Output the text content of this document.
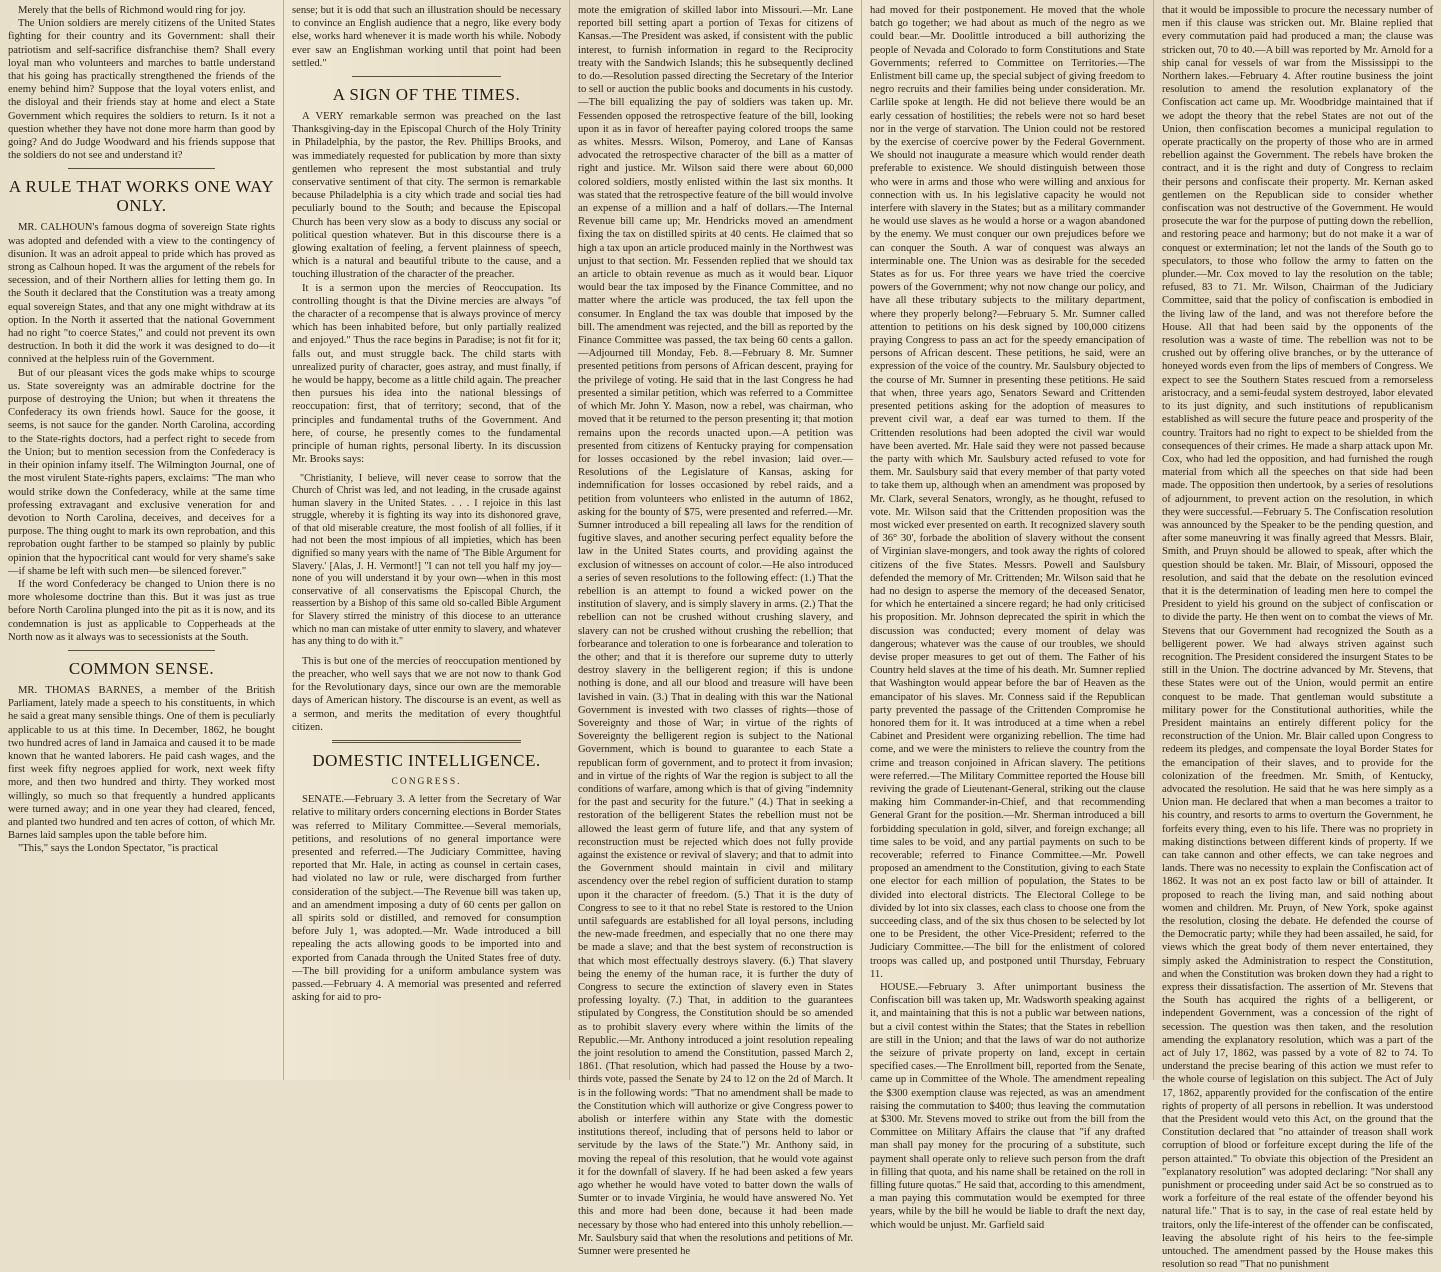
Merely that the bells of Richmond would ring for joy.

The Union soldiers are merely citizens of the United States fighting for their country and its Government: shall their patriotism and self-sacrifice disfranchise them? Shall every loyal man who volunteers and marches to battle understand that his going has practically strengthened the friends of the enemy behind him? Suppose that the loyal voters enlist, and the disloyal and their friends stay at home and elect a State Government which requires the soldiers to return. Is it not a question whether they have not done more harm than good by going? And do Judge Woodward and his friends suppose that the soldiers do not see and understand it?

A RULE THAT WORKS ONE WAY ONLY.

MR. CALHOUN's famous dogma of sovereign State rights was adopted and defended with a view to the contingency of disunion. It was an adroit appeal to pride which has proved as strong as Calhoun hoped. It was the argument of the rebels for secession, and of their Northern allies for letting them go. In the South it declared that the Constitution was a treaty among equal sovereign States, and that any one might withdraw at its option. In the North it asserted that the national Government had no right "to coerce States," and could not prevent its own destruction. In both it did the work it was designed to do—it connived at the helpless ruin of the Government.

But of our pleasant vices the gods make whips to scourge us. State sovereignty was an admirable doctrine for the purpose of destroying the Union; but when it threatens the Confederacy its own friends howl. Sauce for the goose, it seems, is not sauce for the gander. North Carolina, according to the State-rights doctors, had a perfect right to secede from the Union; but to mention secession from the Confederacy is in their opinion infamy itself. The Wilmington Journal, one of the most virulent State-rights papers, exclaims: "The man who would strike down the Confederacy, while at the same time professing extravagant and exclusive veneration for and devotion to North Carolina, deceives, and deceives for a purpose. The thing ought to mark its own reprobation, and this reprobation ought farther to be stamped so plainly by public opinion that the hypocritical cant would for very shame's sake—if shame be left with such men—be silenced forever."

If the word Confederacy be changed to Union there is no more wholesome doctrine than this. But it was just as true before North Carolina plunged into the pit as it is now, and its condemnation is just as applicable to Copperheads at the North now as it always was to secessionists at the South.

COMMON SENSE.

MR. THOMAS BARNES, a member of the British Parliament, lately made a speech to his constituents, in which he said a great many sensible things. One of them is peculiarly applicable to us at this time. In December, 1862, he bought two hundred acres of land in Jamaica and caused it to be made known that he wanted laborers. He paid cash wages, and the first week fifty negroes applied for work, next week fifty more, and then two hundred and thirty. They worked most willingly, so much so that frequently a hundred applicants were turned away; and in one year they had cleared, fenced, and planted two hundred and ten acres of cotton, of which Mr. Barnes laid samples upon the table before him.

"This," says the London Spectator, "is practical

sense; but it is odd that such an illustration should be necessary to convince an English audience that a negro, like every body else, works hard whenever it is made worth his while. Nobody ever saw an Englishman working until that point had been settled."

A SIGN OF THE TIMES.

A VERY remarkable sermon was preached on the last Thanksgiving-day in the Episcopal Church of the Holy Trinity in Philadelphia, by the pastor, the Rev. Phillips Brooks, and was immediately requested for publication by more than sixty gentlemen who represent the most substantial and truly conservative sentiment of that city. The sermon is remarkable because Philadelphia is a city which trade and social ties had peculiarly bound to the South; and because the Episcopal Church has been very slow as a body to discuss any social or political question whatever. But in this discourse there is a glowing exaltation of feeling, a fervent plainness of speech, which is a natural and beautiful tribute to the cause, and a touching illustration of the character of the preacher.

It is a sermon upon the mercies of Reoccupation. Its controlling thought is that the Divine mercies are always "of the character of a recompense that is always province of mercy which has been inhabited before, but only partially realized and enjoyed." Thus the race begins in Paradise; is not fit for it; falls out, and must struggle back. The child starts with unrealized purity of character, goes astray, and must finally, if he would be happy, become as a little child again. The preacher then pursues his idea into the national blessings of reoccupation: first, that of territory; second, that of the principles and fundamental truths of the Government. And here, of course, he presently comes to the fundamental principle of human rights, personal liberty. In its discussion Mr. Brooks says:

"Christianity, I believe, will never cease to sorrow that the Church of Christ was led, and not leading, in the crusade against human slavery in the United States. . . . I rejoice in this last struggle, whereby it is fighting its way into its dishonored grave, of that old miserable creature, the most foolish of all follies, if it had not been the most impious of all impieties, which has been dignified so many years with the name of 'The Bible Argument for Slavery.' [Alas, J. H. Vermont!] "I can not tell you half my joy—none of you will understand it by your own—when in this most conservative of all conservatisms the Episcopal Church, the reassertion by a Bishop of this same old so-called Bible Argument for Slavery stirred the ministry of this diocese to an utterance which no man can mistake of utter enmity to slavery, and whatever has any thing to do with it."

This is but one of the mercies of reoccupation mentioned by the preacher, who well says that we are not now to thank God for the Revolutionary days, since our own are the memorable days of American history. The discourse is an event, as well as a sermon, and merits the meditation of every thoughtful citizen.

DOMESTIC INTELLIGENCE.
CONGRESS.

SENATE.—February 3. A letter from the Secretary of War relative to military orders concerning elections in Border States was referred to Military Committee.—Several memorials, petitions, and resolutions of no general importance were presented and referred.—The Judiciary Committee, having reported that Mr. Hale, in acting as counsel in certain cases, had violated no law or rule, were discharged from further consideration of the subject.—The Revenue bill was taken up, and an amendment imposing a duty of 60 cents per gallon on all spirits sold or distilled, and removed for consumption before July 1, was adopted.—Mr. Wade introduced a bill repealing the acts allowing goods to be imported into and exported from Canada through the United States free of duty.—The bill providing for a uniform ambulance system was passed.—February 4. A memorial was presented and referred asking for aid to pro-

mote the emigration of skilled labor into Missouri.—Mr. Lane reported bill setting apart a portion of Texas for citizens of Kansas.—The President was asked, if consistent with the public interest, to furnish information in regard to the Reciprocity treaty with the Sandwich Islands; this he subsequently declined to do.—Resolution passed directing the Secretary of the Interior to sell or auction the public books and documents in his custody.—The bill equalizing the pay of soldiers was taken up. Mr. Fessenden opposed the retrospective feature of the bill, looking upon it as in favor of hereafter paying colored troops the same as whites. Messrs. Wilson, Pomeroy, and Lane of Kansas advocated the retrospective character of the bill as a matter of right and justice. Mr. Wilson said there were about 60,000 colored soldiers, mostly enlisted within the last six months. It was stated that the retrospective feature of the bill would involve an expense of a million and a half of dollars.—The Internal Revenue bill came up; Mr. Hendricks moved an amendment fixing the tax on distilled spirits at 40 cents. He claimed that so high a tax upon an article produced mainly in the Northwest was unjust to that section. Mr. Fessenden replied that we should tax an article to obtain revenue as much as it would bear. Liquor would bear the tax imposed by the Finance Committee, and no matter where the article was produced, the tax fell upon the consumer. In England the tax was double that imposed by the bill. The amendment was rejected, and the bill as reported by the Finance Committee was passed, the tax being 60 cents a gallon.—Adjourned till Monday, Feb. 8.—February 8. Mr. Sumner presented petitions from persons of African descent, praying for the privilege of voting. He said that in the last Congress he had presented a similar petition, which was referred to a Committee of which Mr. John Y. Mason, now a rebel, was chairman, who moved that it be returned to the person presenting it; that motion remains upon the records unacted upon.—A petition was presented from citizens of Kentucky praying for compensation for losses occasioned by the rebel invasion; laid over.—Resolutions of the Legislature of Kansas, asking for indemnification for losses occasioned by rebel raids, and a petition from volunteers who enlisted in the autumn of 1862, asking for the bounty of $75, were presented and referred.—Mr. Sumner introduced a bill repealing all laws for the rendition of fugitive slaves, and another securing perfect equality before the law in the United States courts, and providing against the exclusion of witnesses on account of color.—He also introduced a series of seven resolutions to the following effect: (1.) That the rebellion is an attempt to found a wicked power on the institution of slavery, and is simply slavery in arms. (2.) That the rebellion can not be crushed without crushing slavery, and slavery can not be crushed without crushing the rebellion; that forbearance and toleration to one is forbearance and toleration to the other; and that it is therefore our supreme duty to utterly destroy slavery in the belligerent region; if this is undone nothing is done, and all our blood and treasure will have been lavished in vain. (3.) That in dealing with this war the National Government is invested with two classes of rights—those of Sovereignty and those of War; in virtue of the rights of Sovereignty the belligerent region is subject to the National Government, which is bound to guarantee to each State a republican form of government, and to protect it from invasion; and in virtue of the rights of War the region is subject to all the conditions of warfare, among which is that of giving "indemnity for the past and security for the future." (4.) That in seeking a restoration of the belligerent States the rebellion must not be allowed the least germ of future life, and that any system of reconstruction must be rejected which does not fully provide against the existence or revival of slavery; and that to admit into the Government should maintain in civil and military ascendency over the rebel region of sufficient duration to stamp upon it the character of freedom. (5.) That it is the duty of Congress to see to it that no rebel State is restored to the Union until safeguards are established for all loyal persons, including the new-made freedmen, and especially that no one there may be made a slave; and that the best system of reconstruction is that which most effectually destroys slavery. (6.) That slavery being the enemy of the human race, it is further the duty of Congress to secure the extinction of slavery even in States professing loyalty. (7.) That, in addition to the guarantees stipulated by Congress, the Constitution should be so amended as to prohibit slavery every where within the limits of the Republic.—Mr. Anthony introduced a joint resolution repealing the joint resolution to amend the Constitution, passed March 2, 1861. (That resolution, which had passed the House by a two-thirds vote, passed the Senate by 24 to 12 on the 2d of March. It is in the following words: "That no amendment shall be made to the Constitution which will authorize or give Congress power to abolish or interfere within any State with the domestic institutions thereof, including that of persons held to labor or servitude by the laws of the State.") Mr. Anthony said, in moving the repeal of this resolution, that he would vote against it for the downfall of slavery. If he had been asked a few years ago whether he would have voted to batter down the walls of Sumter or to invade Virginia, he would have answered No. Yet this and more had been done, because it had been made necessary by those who had entered into this unholy rebellion.—Mr. Saulsbury said that when the resolutions and petitions of Mr. Sumner were presented he

had moved for their postponement. He moved that the whole batch go together; we had about as much of the negro as we could bear.—Mr. Doolittle introduced a bill authorizing the people of Nevada and Colorado to form Constitutions and State Governments; referred to Committee on Territories.—The Enlistment bill came up, the special subject of giving freedom to negro recruits and their families being under consideration. Mr. Carlile spoke at length. He did not believe there would be an early cessation of hostilities; the rebels were not so hard beset nor in the verge of starvation. The Union could not be restored by the exercise of coercive power by the Federal Government. We should not inaugurate a measure which would render death preferable to existence. We should distinguish between those who were in arms and those who were willing and anxious for connection with us. In his legislative capacity he would not interfere with slavery in the States; but as a military commander he would use slaves as he would a horse or a wagon abandoned by the enemy. We must conquer our own prejudices before we can conquer the South. A war of conquest was always an interminable one. The Union was as desirable for the seceded States as for us. For three years we have tried the coercive powers of the Government; why not now change our policy, and have all these tributary subjects to the military department, where they properly belong?—February 5. Mr. Sumner called attention to petitions on his desk signed by 100,000 citizens praying Congress to pass an act for the speedy emancipation of persons of African descent. These petitions, he said, were an expression of the voice of the country. Mr. Saulsbury objected to the course of Mr. Sumner in presenting these petitions. He said that when, three years ago, Senators Seward and Crittenden presented petitions asking for the adoption of measures to prevent civil war, a deaf ear was turned to them. If the Crittenden resolutions had been adopted the civil war would have been averted. Mr. Hale said they were not passed because the party with which Mr. Saulsbury acted refused to vote for them. Mr. Saulsbury said that every member of that party voted to take them up, although when an amendment was proposed by Mr. Clark, several Senators, wrongly, as he thought, refused to vote. Mr. Wilson said that the Crittenden proposition was the most wicked ever presented on earth. It recognized slavery south of 36° 30', forbade the abolition of slavery without the consent of Virginian slave-mongers, and took away the rights of colored citizens of the five States. Messrs. Powell and Saulsbury defended the memory of Mr. Crittenden; Mr. Wilson said that he had no design to asperse the memory of the deceased Senator, for which he entertained a sincere regard; he had only criticised his proposition. Mr. Johnson deprecated the spirit in which the discussion was conducted; every moment of delay was dangerous; whatever was the cause of our troubles, we should devise proper measures to get out of them. The Father of his Country held slaves at the time of his death. Mr. Sumner replied that Washington would appear before the bar of Heaven as the emancipator of his slaves. Mr. Conness said if the Republican party prevented the passage of the Crittenden Compromise he honored them for it. It was introduced at a time when a rebel Cabinet and President were organizing rebellion. The time had come, and we were the ministers to relieve the country from the crime and treason conjoined in African slavery. The petitions were referred.—The Military Committee reported the House bill reviving the grade of Lieutenant-General, striking out the clause making him Commander-in-Chief, and that recommending General Grant for the position.—Mr. Sherman introduced a bill forbidding speculation in gold, silver, and foreign exchange; all time sales to be void, and any partial payments on such to be recoverable; referred to Finance Committee.—Mr. Powell proposed an amendment to the Constitution, giving to each State one elector for each million of population, the States to be divided into electoral districts. The Electoral College to be divided by lot into six classes, each class to choose one from the succeeding class, and of the six thus chosen to be selected by lot one to be President, the other Vice-President; referred to the Judiciary Committee.—The bill for the enlistment of colored troops was called up, and postponed until Thursday, February 11.

HOUSE.—February 3. After unimportant business the Confiscation bill was taken up, Mr. Wadsworth speaking against it, and maintaining that this is not a public war between nations, but a civil contest within the States; that the States in rebellion are still in the Union; and that the laws of war do not authorize the seizure of private property on land, except in certain specified cases.—The Enrollment bill, reported from the Senate, came up in Committee of the Whole. The amendment repealing the $300 exemption clause was rejected, as was an amendment raising the commutation to $400; thus leaving the commutation at $300. Mr. Stevens moved to strike out from the bill from the Committee on Military Affairs the clause that "if any drafted man shall pay money for the procuring of a substitute, such payment shall operate only to relieve such person from the draft in filling that quota, and his name shall be retained on the roll in filling future quotas." He said that, according to this amendment, a man paying this commutation would be exempted for three years, while by the bill he would be liable to draft the next day, which would be unjust. Mr. Garfield said

that it would be impossible to procure the necessary number of men if this clause was stricken out. Mr. Blaine replied that every commutation paid had produced a man; the clause was stricken out, 70 to 40.—A bill was reported by Mr. Arnold for a ship canal for vessels of war from the Mississippi to the Northern lakes.—February 4. After routine business the joint resolution to amend the resolution explanatory of the Confiscation act came up. Mr. Woodbridge maintained that if we adopt the theory that the rebel States are not out of the Union, then confiscation becomes a municipal regulation to operate practically on the property of those who are in armed rebellion against the Government. The rebels have broken the contract, and it is the right and duty of Congress to reclaim their persons and confiscate their property. Mr. Kernan asked gentlemen on the Republican side to consider whether confiscation was not destructive of the Government. He would prosecute the war for the purpose of putting down the rebellion, and restoring peace and harmony; but do not make it a war of conquest or extermination; let not the lands of the South go to speculators, to those who follow the army to fatten on the plunder.—Mr. Cox moved to lay the resolution on the table; refused, 83 to 71. Mr. Wilson, Chairman of the Judiciary Committee, said that the policy of confiscation is embodied in the living law of the land, and was not therefore before the House. All that had been said by the opponents of the resolution was a waste of time. The rebellion was not to be crushed out by offering olive branches, or by the utterance of honeyed words even from the lips of members of Congress. We expect to see the Southern States rescued from a remorseless aristocracy, and a semi-feudal system destroyed, labor elevated to its just dignity, and such institutions of republicanism established as will secure the future peace and prosperity of the country. Traitors had no right to expect to be shielded from the consequences of their crimes. He made a sharp attack upon Mr. Cox, who had led the opposition, and had furnished the rough material from which all the speeches on that side had been made. The opposition then undertook, by a series of resolutions of adjournment, to prevent action on the resolution, in which they were successful.—February 5. The Confiscation resolution was announced by the Speaker to be the pending question, and after some maneuvring it was finally agreed that Messrs. Blair, Smith, and Pruyn should be allowed to speak, after which the question should be taken. Mr. Blair, of Missouri, opposed the resolution, and said that the debate on the resolution evinced that it is the determination of leading men here to compel the President to yield his ground on the subject of confiscation or to divide the party. He then went on to combat the views of Mr. Stevens that our Government had recognized the South as a belligerent power. We had always striven against such recognition. The President considered the insurgent States to be still in the Union. The doctrine advanced by Mr. Stevens, that these States were out of the Union, would permit an entire conquest to be made. That gentleman would substitute a military power for the Constitutional authorities, while the President maintains an entirely different policy for the reconstruction of the Union. Mr. Blair called upon Congress to redeem its pledges, and compensate the loyal Border States for the emancipation of their slaves, and to provide for the colonization of the freedmen. Mr. Smith, of Kentucky, advocated the resolution. He said that he was here simply as a Union man. He declared that when a man becomes a traitor to his country, and resorts to arms to overturn the Government, he forfeits every thing, even to his life. There was no propriety in making distinctions between different kinds of property. If we can take cannon and other effects, we can take negroes and lands. There was no necessity to explain the Confiscation act of 1862. It was not an ex post facto law or bill of attainder. It proposed to reach the living man, and said nothing about women and children. Mr. Pruyn, of New York, spoke against the resolution, closing the debate. He defended the course of the Democratic party; while they had been assailed, he said, for views which the great body of them never entertained, they simply asked the Administration to respect the Constitution, and when the Constitution was broken down they had a right to express their dissatisfaction. The assertion of Mr. Stevens that the South has acquired the rights of a belligerent, or independent Government, was a concession of the right of secession. The question was then taken, and the resolution amending the explanatory resolution, which was a part of the act of July 17, 1862, was passed by a vote of 82 to 74. To understand the precise bearing of this action we must refer to the whole course of legislation on this subject. The Act of July 17, 1862, apparently provided for the confiscation of the entire rights of property of all persons in rebellion. It was understood that the President would veto this Act, on the ground that the Constitution declared that "no attainder of treason shall work corruption of blood or forfeiture except during the life of the person attainted." To obviate this objection of the President an "explanatory resolution" was adopted declaring: "Nor shall any punishment or proceeding under said Act be so construed as to work a forfeiture of the real estate of the offender beyond his natural life." That is to say, in the case of real estate held by traitors, only the life-interest of the offender can be confiscated, leaving the absolute right of his heirs to the fee-simple untouched. The amendment passed by the House makes this resolution so read "That no punishment
